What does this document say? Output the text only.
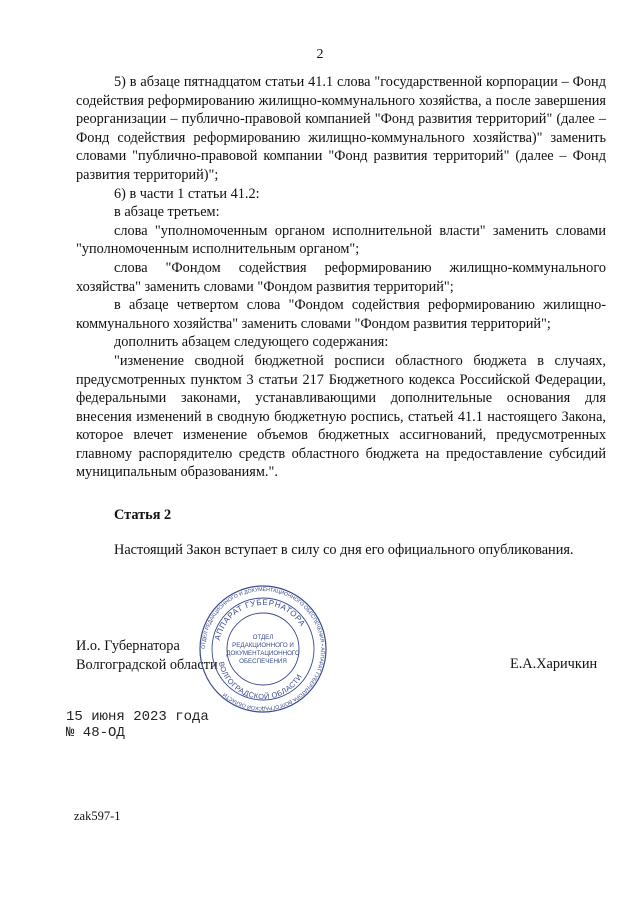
2

5) в абзаце пятнадцатом статьи 41.1 слова "государственной корпорации – Фонд содействия реформированию жилищно-коммунального хозяйства, а после завершения реорганизации – публично-правовой компанией "Фонд развития территорий" (далее – Фонд содействия реформированию жилищно-коммунального хозяйства)" заменить словами "публично-правовой компании "Фонд развития территорий" (далее – Фонд развития территорий)";

6) в части 1 статьи 41.2:

в абзаце третьем:

слова "уполномоченным органом исполнительной власти" заменить словами "уполномоченным исполнительным органом";

слова "Фондом содействия реформированию жилищно-коммунального хозяйства" заменить словами "Фондом развития территорий";

в абзаце четвертом слова "Фондом содействия реформированию жилищно-коммунального хозяйства" заменить словами "Фондом развития территорий";

дополнить абзацем следующего содержания:

"изменение сводной бюджетной росписи областного бюджета в случаях, предусмотренных пунктом 3 статьи 217 Бюджетного кодекса Российской Федерации, федеральными законами, устанавливающими дополнительные основания для внесения изменений в сводную бюджетную роспись, статьей 41.1 настоящего Закона, которое влечет изменение объемов бюджетных ассигнований, предусмотренных главному распорядителю средств областного бюджета на предоставление субсидий муниципальным образованиям.".

Статья 2

Настоящий Закон вступает в силу со дня его официального опубликования.

И.о. Губернатора
Волгоградской области	Е.А.Харичкин
ОТДЕЛ РЕДАКЦИОННОГО И ДОКУМЕНТАЦИОННОГО ОБЕСПЕЧЕНИЯ • АППАРАТ ГУБЕРНАТОРА ВОЛГОГРАДСКОЙ ОБЛАСТИ
АППАРАТ ГУБЕРНАТОРА
ВОЛГОГРАДСКОЙ ОБЛАСТИ
ОТДЕЛ
РЕДАКЦИОННОГО И
ДОКУМЕНТАЦИОННОГО
ОБЕСПЕЧЕНИЯ
15 июня 2023 года
№ 48-ОД
zak597-1
